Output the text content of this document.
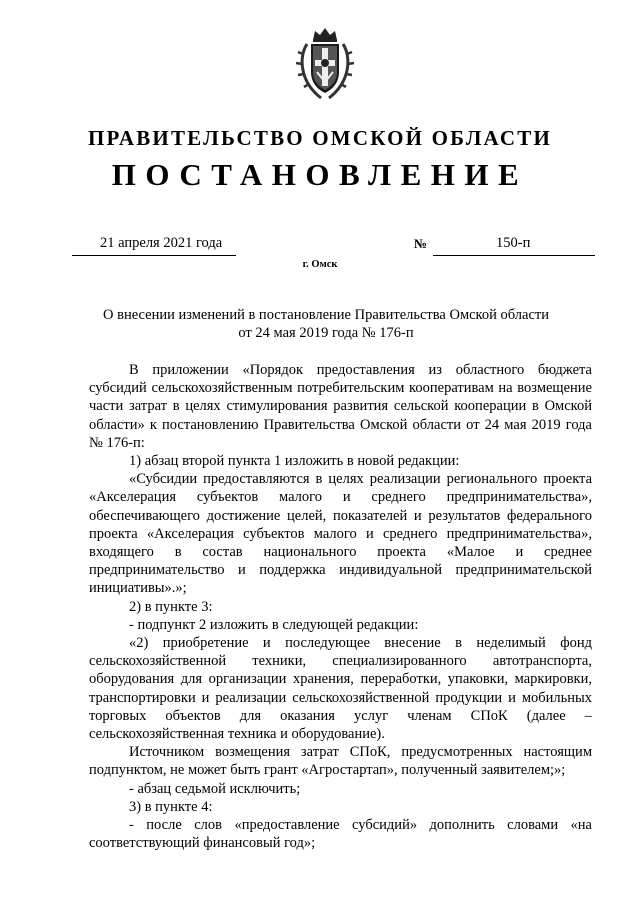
ПРАВИТЕЛЬСТВО ОМСКОЙ ОБЛАСТИ
ПОСТАНОВЛЕНИЕ
21 апреля 2021 года	№	150-п
г. Омск
О внесении изменений в постановление Правительства Омской области
от 24 мая 2019 года № 176-п

В приложении «Порядок предоставления из областного бюджета субсидий сельскохозяйственным потребительским кооперативам на возмещение части затрат в целях стимулирования развития сельской кооперации в Омской области» к постановлению Правительства Омской области от 24 мая 2019 года № 176-п:

1) абзац второй пункта 1 изложить в новой редакции:

«Субсидии предоставляются в целях реализации регионального проекта «Акселерация субъектов малого и среднего предпринимательства», обеспечивающего достижение целей, показателей и результатов федерального проекта «Акселерация субъектов малого и среднего предпринимательства», входящего в состав национального проекта «Малое и среднее предпринимательство и поддержка индивидуальной предпринимательской инициативы».»;

2) в пункте 3:

- подпункт 2 изложить в следующей редакции:

«2) приобретение и последующее внесение в неделимый фонд сельскохозяйственной техники, специализированного автотранспорта, оборудования для организации хранения, переработки, упаковки, маркировки, транспортировки и реализации сельскохозяйственной продукции и мобильных торговых объектов для оказания услуг членам СПоК (далее – сельскохозяйственная техника и оборудование).

Источником возмещения затрат СПоК, предусмотренных настоящим подпунктом, не может быть грант «Агростартап», полученный заявителем;»;

- абзац седьмой исключить;

3) в пункте 4:

- после слов «предоставление субсидий» дополнить словами «на соответствующий финансовый год»;
